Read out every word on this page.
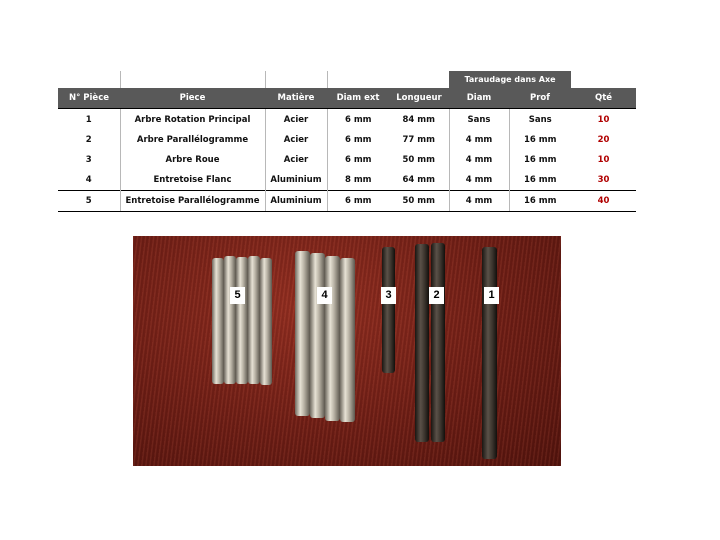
					Taraudage dans Axe		
N° Pièce	Piece	Matière	Diam ext	Longueur	Diam	Prof	Qté
1	Arbre Rotation Principal	Acier	6 mm	84 mm	Sans	Sans	10
2	Arbre Parallélogramme	Acier	6 mm	77 mm	4 mm	16 mm	20
3	Arbre Roue	Acier	6 mm	50 mm	4 mm	16 mm	10
4	Entretoise Flanc	Aluminium	8 mm	64 mm	4 mm	16 mm	30
5	Entretoise Parallélogramme	Aluminium	6 mm	50 mm	4 mm	16 mm	40
5	4	3	2	1
